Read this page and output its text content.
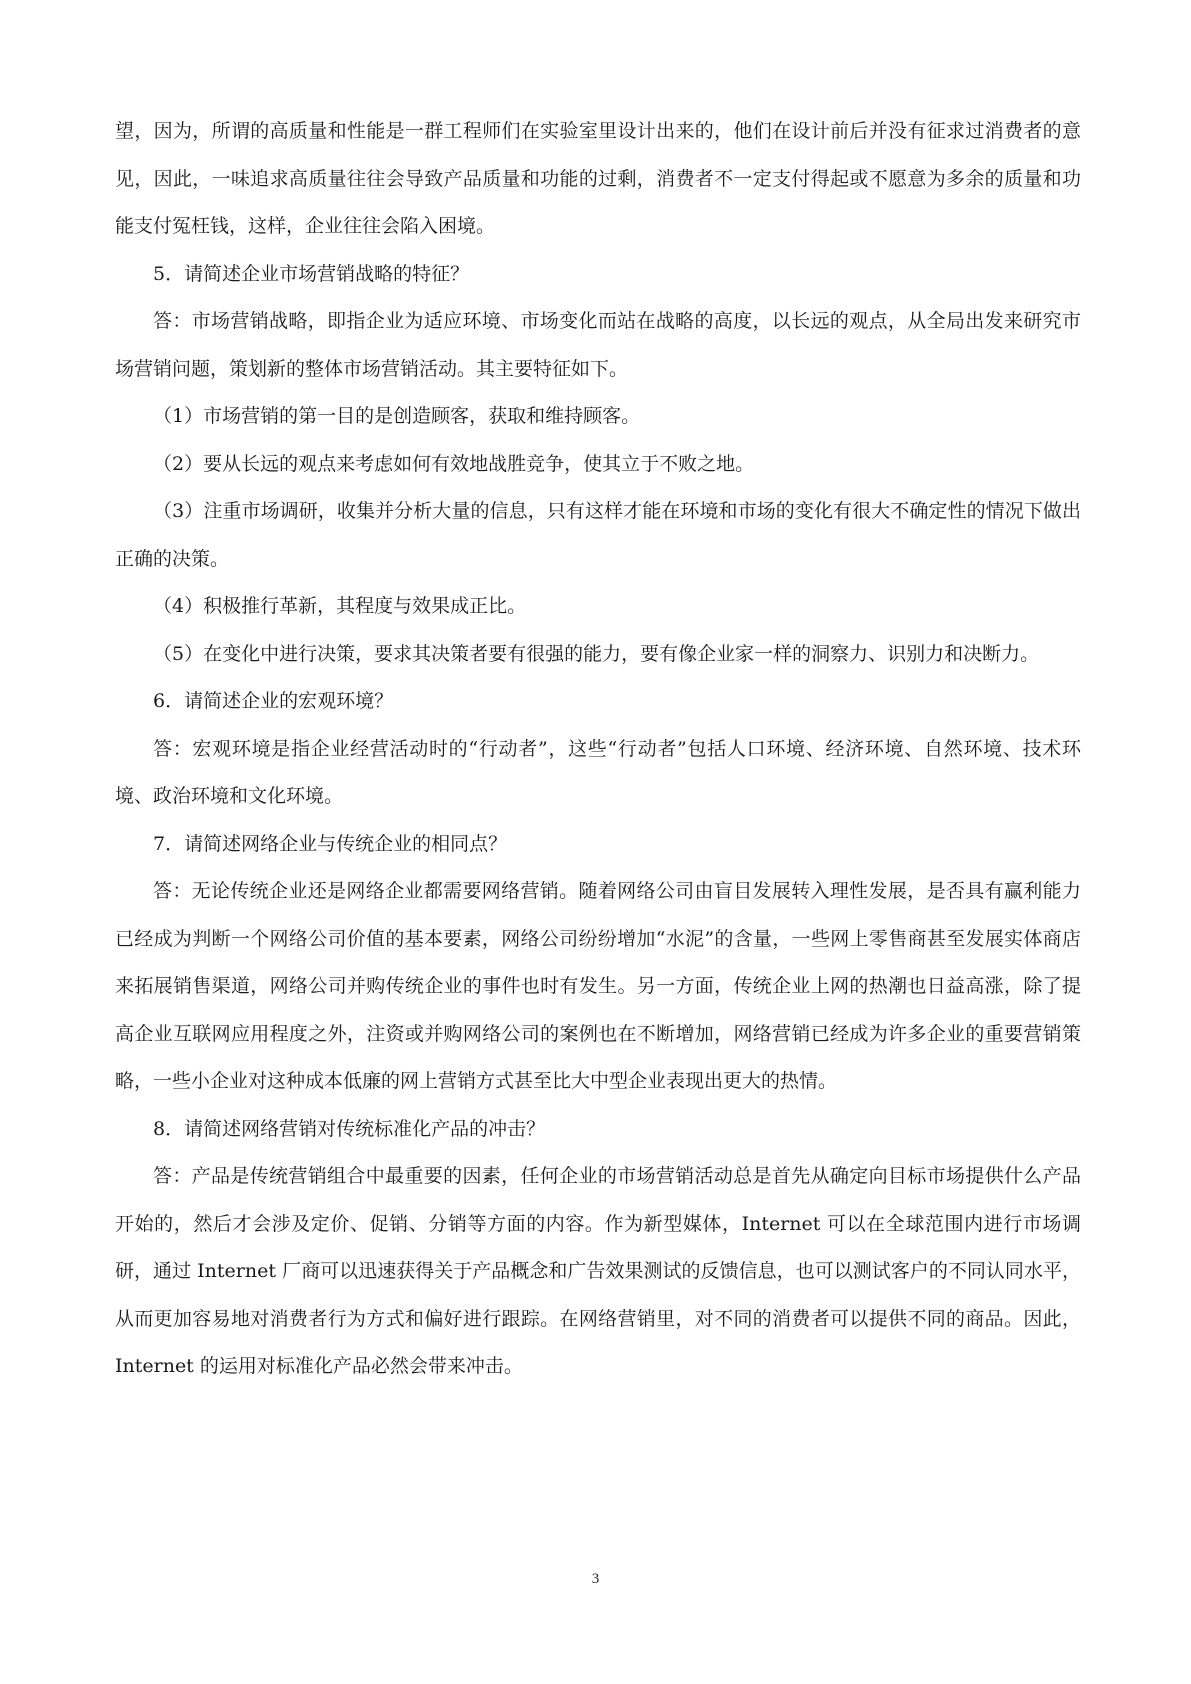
望，因为，所谓的高质量和性能是一群工程师们在实验室里设计出来的，他们在设计前后并没有征求过消费者的意见，因此，一味追求高质量往往会导致产品质量和功能的过剩，消费者不一定支付得起或不愿意为多余的质量和功能支付冤枉钱，这样，企业往往会陷入困境。

5．请简述企业市场营销战略的特征？

答：市场营销战略，即指企业为适应环境、市场变化而站在战略的高度，以长远的观点，从全局出发来研究市场营销问题，策划新的整体市场营销活动。其主要特征如下。

（1）市场营销的第一目的是创造顾客，获取和维持顾客。

（2）要从长远的观点来考虑如何有效地战胜竞争，使其立于不败之地。

（3）注重市场调研，收集并分析大量的信息，只有这样才能在环境和市场的变化有很大不确定性的情况下做出正确的决策。

（4）积极推行革新，其程度与效果成正比。

（5）在变化中进行决策，要求其决策者要有很强的能力，要有像企业家一样的洞察力、识别力和决断力。

6．请简述企业的宏观环境？

答：宏观环境是指企业经营活动时的“行动者”，这些“行动者”包括人口环境、经济环境、自然环境、技术环境、政治环境和文化环境。

7．请简述网络企业与传统企业的相同点？

答：无论传统企业还是网络企业都需要网络营销。随着网络公司由盲目发展转入理性发展，是否具有赢利能力已经成为判断一个网络公司价值的基本要素，网络公司纷纷增加“水泥”的含量，一些网上零售商甚至发展实体商店来拓展销售渠道，网络公司并购传统企业的事件也时有发生。另一方面，传统企业上网的热潮也日益高涨，除了提高企业互联网应用程度之外，注资或并购网络公司的案例也在不断增加，网络营销已经成为许多企业的重要营销策略，一些小企业对这种成本低廉的网上营销方式甚至比大中型企业表现出更大的热情。

8．请简述网络营销对传统标准化产品的冲击？

答：产品是传统营销组合中最重要的因素，任何企业的市场营销活动总是首先从确定向目标市场提供什么产品开始的，然后才会涉及定价、促销、分销等方面的内容。作为新型媒体，Internet 可以在全球范围内进行市场调研，通过 Internet 厂商可以迅速获得关于产品概念和广告效果测试的反馈信息，也可以测试客户的不同认同水平，从而更加容易地对消费者行为方式和偏好进行跟踪。在网络营销里，对不同的消费者可以提供不同的商品。因此，Internet 的运用对标准化产品必然会带来冲击。

3
